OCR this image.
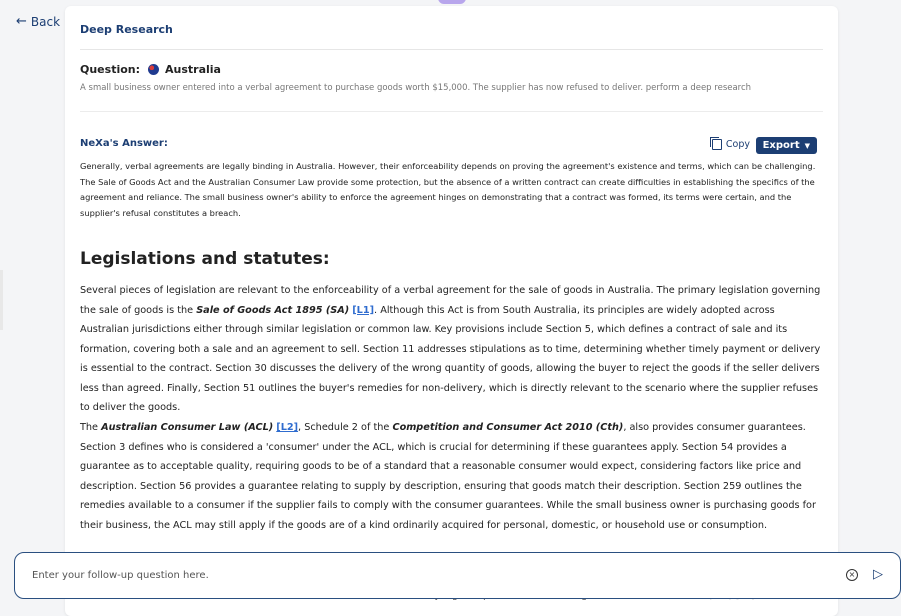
← Back
Deep Research
Question: Australia
A small business owner entered into a verbal agreement to purchase goods worth $15,000. The supplier has now refused to deliver. perform a deep research
NeXa's Answer:	Copy Export ▼
Generally, verbal agreements are legally binding in Australia. However, their enforceability depends on proving the agreement's existence and terms, which can be challenging. The Sale of Goods Act and the Australian Consumer Law provide some protection, but the absence of a written contract can create difficulties in establishing the specifics of the agreement and reliance. The small business owner's ability to enforce the agreement hinges on demonstrating that a contract was formed, its terms were certain, and the supplier's refusal constitutes a breach.
Legislations and statutes:
Several pieces of legislation are relevant to the enforceability of a verbal agreement for the sale of goods in Australia. The primary legislation governing the sale of goods is the Sale of Goods Act 1895 (SA) [L1]. Although this Act is from South Australia, its principles are widely adopted across Australian jurisdictions either through similar legislation or common law. Key provisions include Section 5, which defines a contract of sale and its formation, covering both a sale and an agreement to sell. Section 11 addresses stipulations as to time, determining whether timely payment or delivery is essential to the contract. Section 30 discusses the delivery of the wrong quantity of goods, allowing the buyer to reject the goods if the seller delivers less than agreed. Finally, Section 51 outlines the buyer's remedies for non-delivery, which is directly relevant to the scenario where the supplier refuses to deliver the goods.
The Australian Consumer Law (ACL) [L2], Schedule 2 of the Competition and Consumer Act 2010 (Cth), also provides consumer guarantees. Section 3 defines who is considered a 'consumer' under the ACL, which is crucial for determining if these guarantees apply. Section 54 provides a guarantee as to acceptable quality, requiring goods to be of a standard that a reasonable consumer would expect, considering factors like price and description. Section 56 provides a guarantee relating to supply by description, ensuring that goods match their description. Section 259 outlines the remedies available to a consumer if the supplier fails to comply with the consumer guarantees. While the small business owner is purchasing goods for their business, the ACL may still apply if the goods are of a kind ordinarily acquired for personal, domestic, or household use or consumption.
Enter your follow-up question here.
× ▷
